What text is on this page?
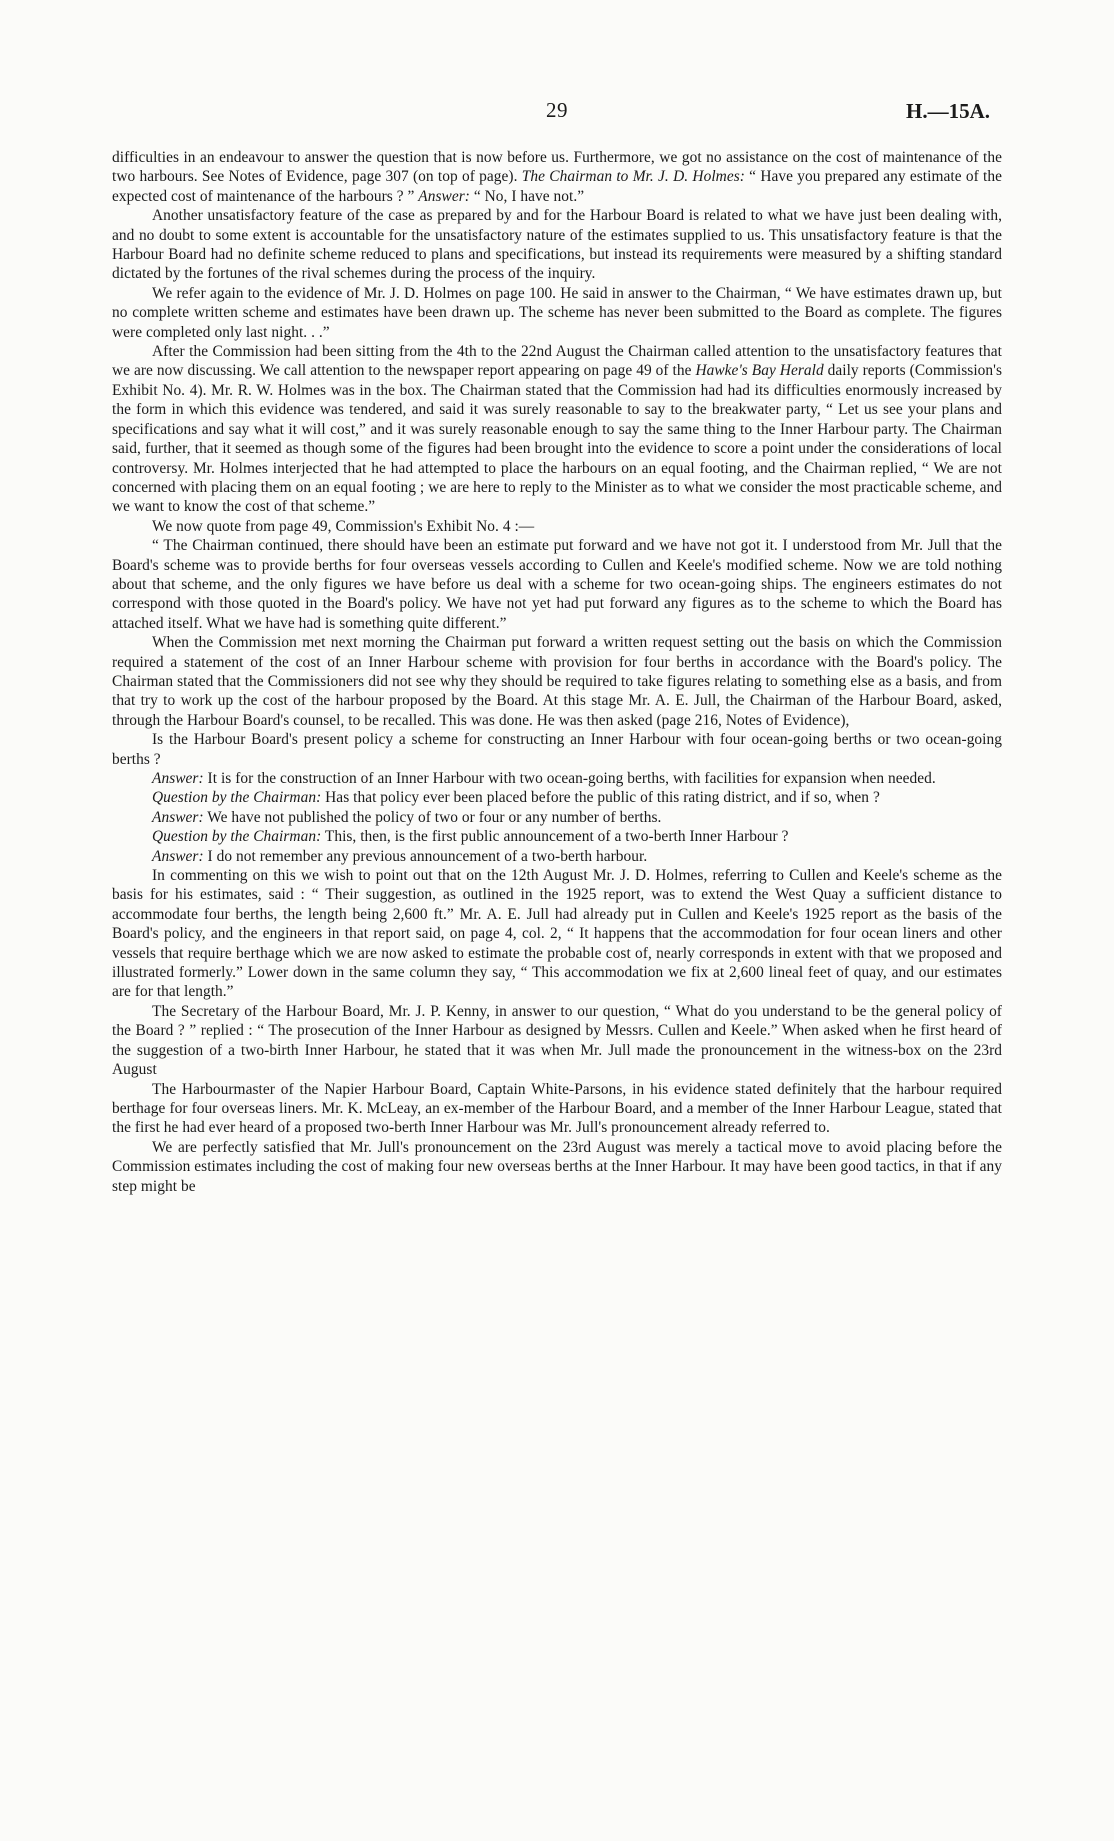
29	H.—15A.

difficulties in an endeavour to answer the question that is now before us. Furthermore, we got no assistance on the cost of maintenance of the two harbours. See Notes of Evidence, page 307 (on top of page). The Chairman to Mr. J. D. Holmes: “ Have you prepared any estimate of the expected cost of maintenance of the harbours ? ” Answer: “ No, I have not.”

Another unsatisfactory feature of the case as prepared by and for the Harbour Board is related to what we have just been dealing with, and no doubt to some extent is accountable for the unsatisfactory nature of the estimates supplied to us. This unsatisfactory feature is that the Harbour Board had no definite scheme reduced to plans and specifications, but instead its requirements were measured by a shifting standard dictated by the fortunes of the rival schemes during the process of the inquiry.

We refer again to the evidence of Mr. J. D. Holmes on page 100. He said in answer to the Chairman, “ We have estimates drawn up, but no complete written scheme and estimates have been drawn up. The scheme has never been submitted to the Board as complete. The figures were completed only last night. . .”

After the Commission had been sitting from the 4th to the 22nd August the Chairman called attention to the unsatisfactory features that we are now discussing. We call attention to the newspaper report appearing on page 49 of the Hawke's Bay Herald daily reports (Commission's Exhibit No. 4). Mr. R. W. Holmes was in the box. The Chairman stated that the Commission had had its difficulties enormously increased by the form in which this evidence was tendered, and said it was surely reasonable to say to the breakwater party, “ Let us see your plans and specifications and say what it will cost,” and it was surely reasonable enough to say the same thing to the Inner Harbour party. The Chairman said, further, that it seemed as though some of the figures had been brought into the evidence to score a point under the considerations of local controversy. Mr. Holmes interjected that he had attempted to place the harbours on an equal footing, and the Chairman replied, “ We are not concerned with placing them on an equal footing ; we are here to reply to the Minister as to what we consider the most practicable scheme, and we want to know the cost of that scheme.”

We now quote from page 49, Commission's Exhibit No. 4 :—

“ The Chairman continued, there should have been an estimate put forward and we have not got it. I understood from Mr. Jull that the Board's scheme was to provide berths for four overseas vessels according to Cullen and Keele's modified scheme. Now we are told nothing about that scheme, and the only figures we have before us deal with a scheme for two ocean-going ships. The engineers estimates do not correspond with those quoted in the Board's policy. We have not yet had put forward any figures as to the scheme to which the Board has attached itself. What we have had is something quite different.”

When the Commission met next morning the Chairman put forward a written request setting out the basis on which the Commission required a statement of the cost of an Inner Harbour scheme with provision for four berths in accordance with the Board's policy. The Chairman stated that the Commissioners did not see why they should be required to take figures relating to something else as a basis, and from that try to work up the cost of the harbour proposed by the Board. At this stage Mr. A. E. Jull, the Chairman of the Harbour Board, asked, through the Harbour Board's counsel, to be recalled. This was done. He was then asked (page 216, Notes of Evidence),

Is the Harbour Board's present policy a scheme for constructing an Inner Harbour with four ocean-going berths or two ocean-going berths ?

Answer: It is for the construction of an Inner Harbour with two ocean-going berths, with facilities for expansion when needed.

Question by the Chairman: Has that policy ever been placed before the public of this rating district, and if so, when ?

Answer: We have not published the policy of two or four or any number of berths.

Question by the Chairman: This, then, is the first public announcement of a two-berth Inner Harbour ?

Answer: I do not remember any previous announcement of a two-berth harbour.

In commenting on this we wish to point out that on the 12th August Mr. J. D. Holmes, referring to Cullen and Keele's scheme as the basis for his estimates, said : “ Their suggestion, as outlined in the 1925 report, was to extend the West Quay a sufficient distance to accommodate four berths, the length being 2,600 ft.” Mr. A. E. Jull had already put in Cullen and Keele's 1925 report as the basis of the Board's policy, and the engineers in that report said, on page 4, col. 2, “ It happens that the accommodation for four ocean liners and other vessels that require berthage which we are now asked to estimate the probable cost of, nearly corresponds in extent with that we proposed and illustrated formerly.” Lower down in the same column they say, “ This accommodation we fix at 2,600 lineal feet of quay, and our estimates are for that length.”

The Secretary of the Harbour Board, Mr. J. P. Kenny, in answer to our question, “ What do you understand to be the general policy of the Board ? ” replied : “ The prosecution of the Inner Harbour as designed by Messrs. Cullen and Keele.” When asked when he first heard of the suggestion of a two-birth Inner Harbour, he stated that it was when Mr. Jull made the pronouncement in the witness-box on the 23rd August

The Harbourmaster of the Napier Harbour Board, Captain White-Parsons, in his evidence stated definitely that the harbour required berthage for four overseas liners. Mr. K. McLeay, an ex-member of the Harbour Board, and a member of the Inner Harbour League, stated that the first he had ever heard of a proposed two-berth Inner Harbour was Mr. Jull's pronouncement already referred to.

We are perfectly satisfied that Mr. Jull's pronouncement on the 23rd August was merely a tactical move to avoid placing before the Commission estimates including the cost of making four new overseas berths at the Inner Harbour. It may have been good tactics, in that if any step might be
